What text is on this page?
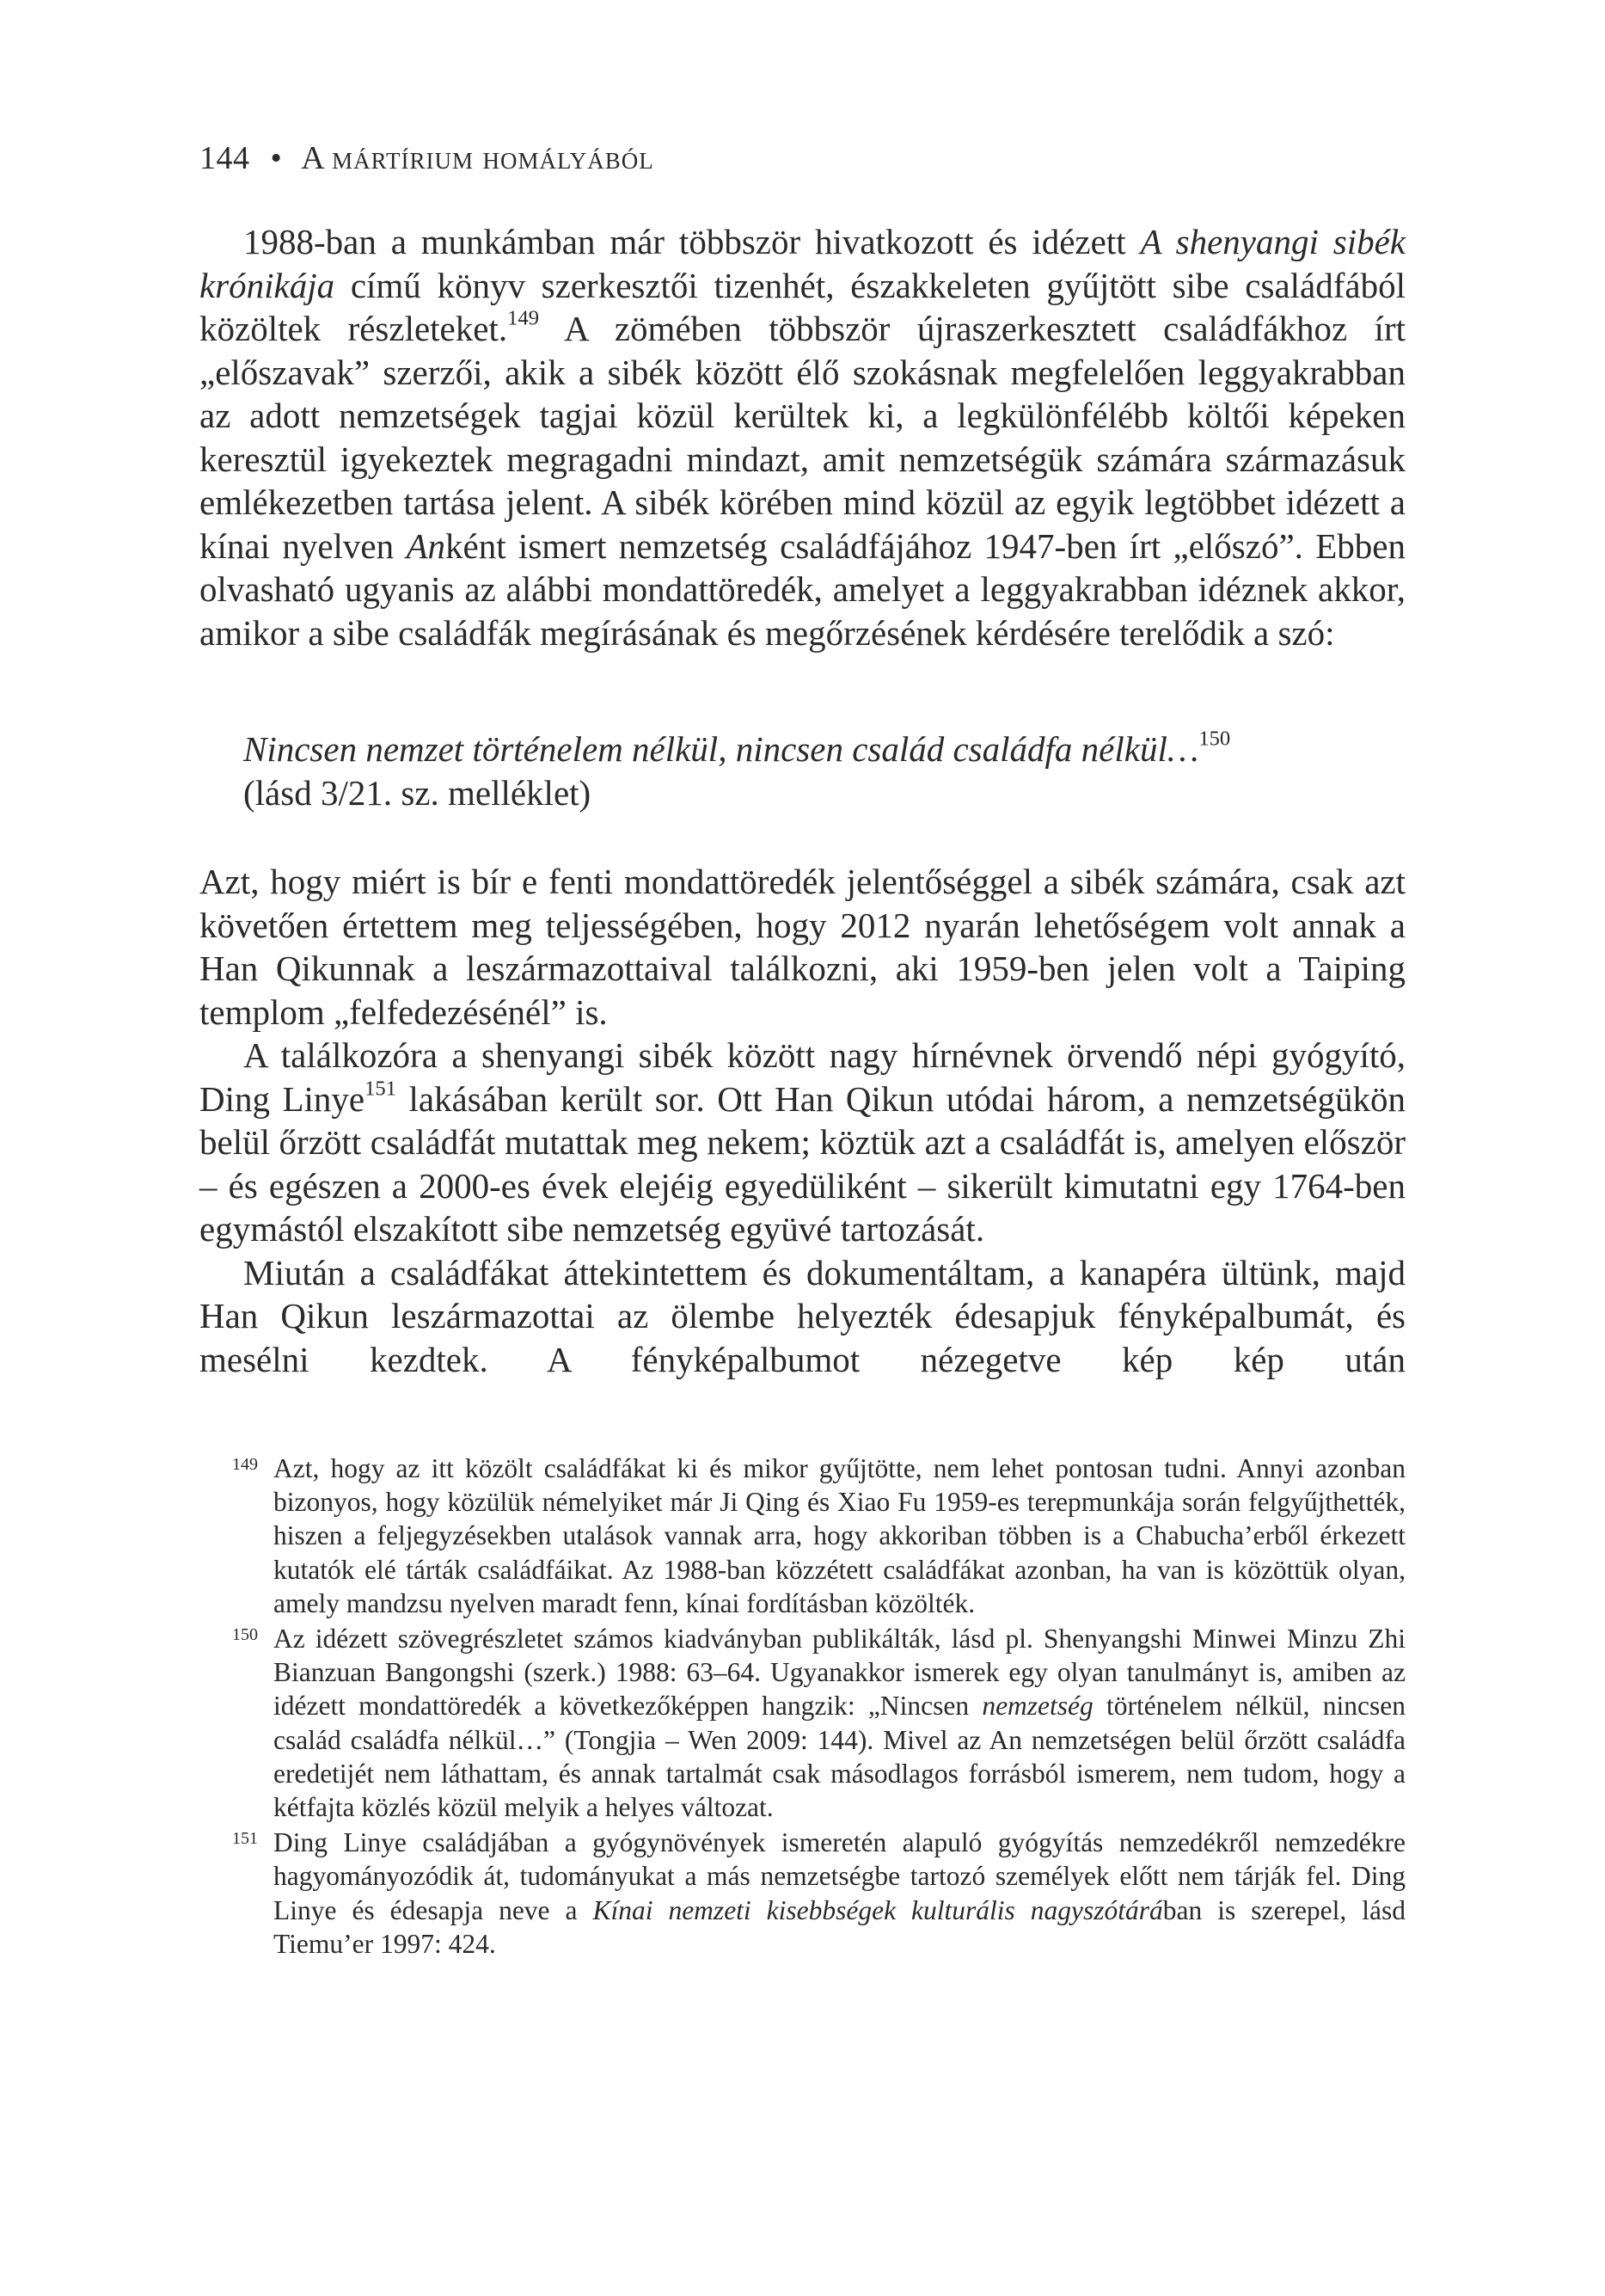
144 • A mártírium homályából

1988-ban a munkámban már többször hivatkozott és idézett A shenyangi sibék krónikája című könyv szerkesztői tizenhét, északkeleten gyűjtött sibe családfából közöltek részleteket.$^{149}$ A zömében többször újraszerkesztett családfákhoz írt „előszavak” szerzői, akik a sibék között élő szokásnak megfelelően leggyakrabban az adott nemzetségek tagjai közül kerültek ki, a legkülönfélébb költői képeken keresztül igyekeztek megragadni mindazt, amit nemzetségük számára származásuk emlékezetben tartása jelent. A sibék körében mind közül az egyik legtöbbet idézett a kínai nyelven Anként ismert nemzetség családfájához 1947-ben írt „előszó”. Ebben olvasható ugyanis az alábbi mondattöredék, amelyet a leggyakrabban idéznek akkor, amikor a sibe családfák megírásának és megőrzésének kérdésére terelődik a szó:

Nincsen nemzet történelem nélkül, nincsen család családfa nélkül…$^{150}$

(lásd 3/21. sz. melléklet)

Azt, hogy miért is bír e fenti mondattöredék jelentőséggel a sibék számára, csak azt követően értettem meg teljességében, hogy 2012 nyarán lehetőségem volt annak a Han Qikunnak a leszármazottaival találkozni, aki 1959-ben jelen volt a Taiping templom „felfedezésénél” is.

A találkozóra a shenyangi sibék között nagy hírnévnek örvendő népi gyógyító, Ding Linye$^{151}$ lakásában került sor. Ott Han Qikun utódai három, a nemzetségükön belül őrzött családfát mutattak meg nekem; köztük azt a családfát is, amelyen először – és egészen a 2000-es évek elejéig egyedüliként – sikerült kimutatni egy 1764-ben egymástól elszakított sibe nemzetség együvé tartozását.

Miután a családfákat áttekintettem és dokumentáltam, a kanapéra ültünk, majd Han Qikun leszármazottai az ölembe helyezték édesapjuk fényképalbumát, és mesélni kezdtek. A fényképalbumot nézegetve kép kép után

149 Azt, hogy az itt közölt családfákat ki és mikor gyűjtötte, nem lehet pontosan tudni. Annyi azonban bizonyos, hogy közülük némelyiket már Ji Qing és Xiao Fu 1959-es terepmunkája során felgyűjthették, hiszen a feljegyzésekben utalások vannak arra, hogy akkoriban többen is a Chabucha’erből érkezett kutatók elé tárták családfáikat. Az 1988-ban közzétett családfákat azonban, ha van is közöttük olyan, amely mandzsu nyelven maradt fenn, kínai fordításban közölték.
150 Az idézett szövegrészletet számos kiadványban publikálták, lásd pl. Shenyangshi Minwei Minzu Zhi Bianzuan Bangongshi (szerk.) 1988: 63–64. Ugyanakkor ismerek egy olyan tanulmányt is, amiben az idézett mondattöredék a következőképpen hangzik: „Nincsen nemzetség történelem nélkül, nincsen család családfa nélkül…” (Tongjia – Wen 2009: 144). Mivel az An nemzetségen belül őrzött családfa eredetijét nem láthattam, és annak tartalmát csak másodlagos forrásból ismerem, nem tudom, hogy a kétfajta közlés közül melyik a helyes változat.
151 Ding Linye családjában a gyógynövények ismeretén alapuló gyógyítás nemzedékről nemzedékre hagyományozódik át, tudományukat a más nemzetségbe tartozó személyek előtt nem tárják fel. Ding Linye és édesapja neve a Kínai nemzeti kisebbségek kulturális nagyszótárában is szerepel, lásd Tiemu’er 1997: 424.
